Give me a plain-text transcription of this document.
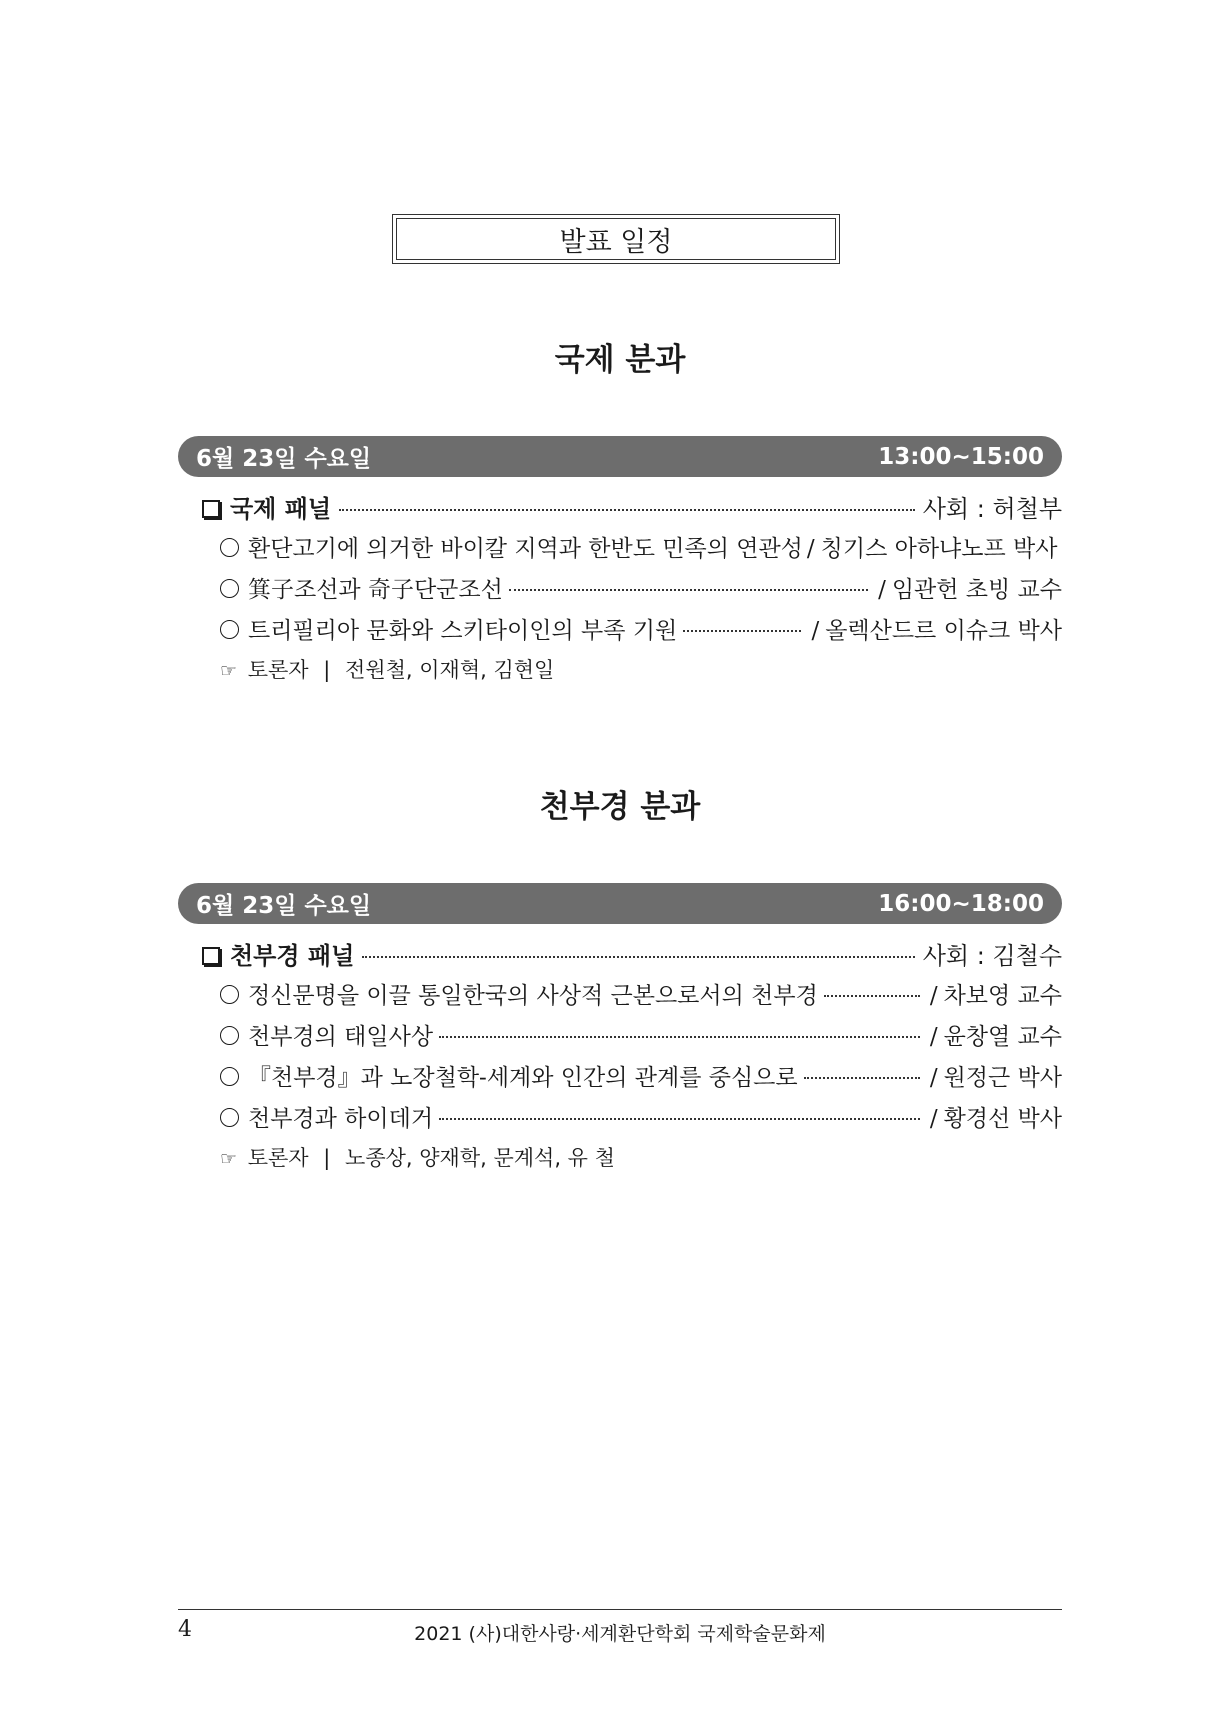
발표 일정
국제 분과
6월 23일 수요일	13:00~15:00
국제 패널	사회 : 허철부
환단고기에 의거한 바이칼 지역과 한반도 민족의 연관성 / 칭기스 아하냐노프 박사
箕子조선과 奇子단군조선	/ 임관헌 초빙 교수
트리필리아 문화와 스키타이인의 부족 기원	/ 올렉산드르 이슈크 박사
☞ 토론자 | 전원철, 이재혁, 김현일
천부경 분과
6월 23일 수요일	16:00~18:00
천부경 패널	사회 : 김철수
정신문명을 이끌 통일한국의 사상적 근본으로서의 천부경	/ 차보영 교수
천부경의 태일사상	/ 윤창열 교수
『천부경』과 노장철학-세계와 인간의 관계를 중심으로	/ 원정근 박사
천부경과 하이데거	/ 황경선 박사
☞ 토론자 | 노종상, 양재학, 문계석, 유 철
4	2021 (사)대한사랑·세계환단학회 국제학술문화제
